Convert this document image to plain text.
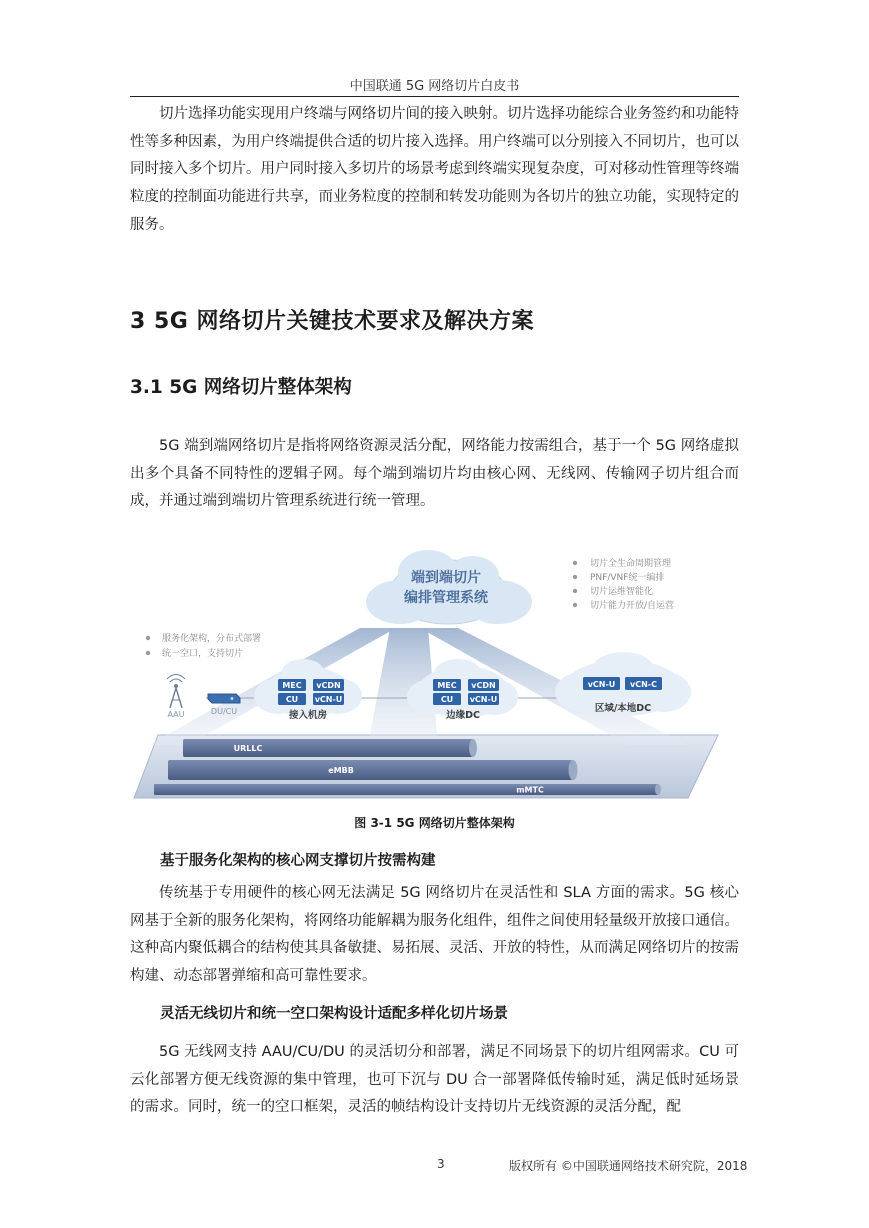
中国联通 5G 网络切片白皮书

切片选择功能实现用户终端与网络切片间的接入映射。切片选择功能综合业务签约和功能特性等多种因素，为用户终端提供合适的切片接入选择。用户终端可以分别接入不同切片，也可以同时接入多个切片。用户同时接入多切片的场景考虑到终端实现复杂度，可对移动性管理等终端粒度的控制面功能进行共享，而业务粒度的控制和转发功能则为各切片的独立功能，实现特定的服务。

3 5G 网络切片关键技术要求及解决方案
3.1 5G 网络切片整体架构

5G 端到端网络切片是指将网络资源灵活分配，网络能力按需组合，基于一个 5G 网络虚拟出多个具备不同特性的逻辑子网。每个端到端切片均由核心网、无线网、传输网子切片组合而成，并通过端到端切片管理系统进行统一管理。

端到端切片
编排管理系统
切片全生命周期管理
PNF/VNF统一编排
切片运维智能化
切片能力开放/自运营
服务化架构，分布式部署
统一空口，支持切片
AAU	DU/CU
MEC vCDN
CU vCN-U
接入机房
MEC vCDN
CU vCN-U
边缘DC
vCN-U vCN-C
区域/本地DC
URLLC
eMBB
mMTC

图 3-1 5G 网络切片整体架构

基于服务化架构的核心网支撑切片按需构建

传统基于专用硬件的核心网无法满足 5G 网络切片在灵活性和 SLA 方面的需求。5G 核心网基于全新的服务化架构，将网络功能解耦为服务化组件，组件之间使用轻量级开放接口通信。这种高内聚低耦合的结构使其具备敏捷、易拓展、灵活、开放的特性，从而满足网络切片的按需构建、动态部署弹缩和高可靠性要求。

灵活无线切片和统一空口架构设计适配多样化切片场景

5G 无线网支持 AAU/CU/DU 的灵活切分和部署，满足不同场景下的切片组网需求。CU 可云化部署方便无线资源的集中管理，也可下沉与 DU 合一部署降低传输时延，满足低时延场景的需求。同时，统一的空口框架，灵活的帧结构设计支持切片无线资源的灵活分配，配

3	版权所有 ©中国联通网络技术研究院，2018
